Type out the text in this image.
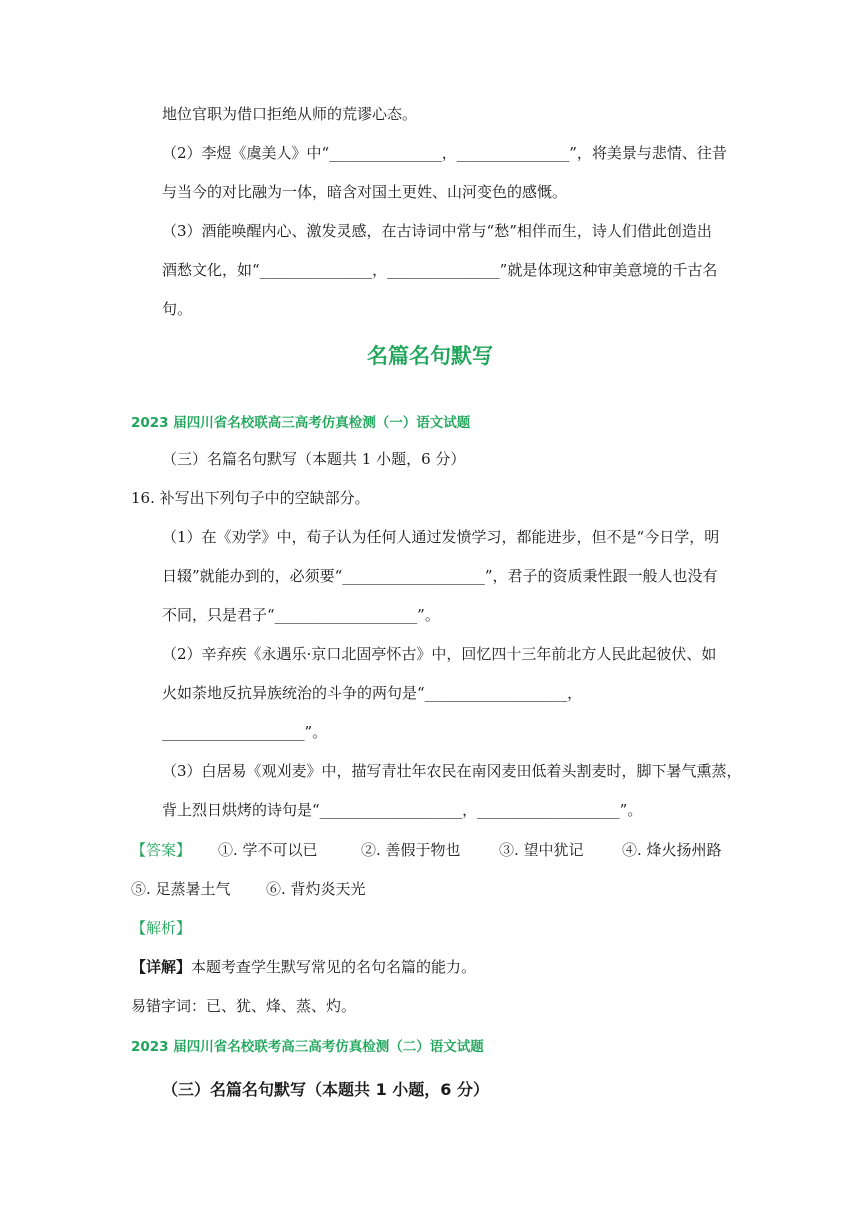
地位官职为借口拒绝从师的荒谬心态。
（2）李煜《虞美人》中“_______________，_______________”，将美景与悲情、往昔
与当今的对比融为一体，暗含对国土更姓、山河变色的感慨。
（3）酒能唤醒内心、激发灵感，在古诗词中常与“愁”相伴而生，诗人们借此创造出
酒愁文化，如“_______________，_______________”就是体现这种审美意境的千古名
句。
名篇名句默写
2023 届四川省名校联高三高考仿真检测（一）语文试题
（三）名篇名句默写（本题共 1 小题，6 分）
16. 补写出下列句子中的空缺部分。
（1）在《劝学》中，荀子认为任何人通过发愤学习，都能进步，但不是“今日学，明
日辍”就能办到的，必须要“___________________”，君子的资质秉性跟一般人也没有
不同，只是君子“___________________”。
（2）辛弃疾《永遇乐·京口北固亭怀古》中，回忆四十三年前北方人民此起彼伏、如
火如荼地反抗异族统治的斗争的两句是“___________________，
___________________”。
（3）白居易《观刈麦》中，描写青壮年农民在南冈麦田低着头割麦时，脚下暑气熏蒸，
背上烈日烘烤的诗句是“___________________，___________________”。
【答案】 ①. 学不可以已	②. 善假于物也	③. 望中犹记	④. 烽火扬州路
⑤. 足蒸暑土气 ⑥. 背灼炎天光
【解析】
【详解】本题考查学生默写常见的名句名篇的能力。
易错字词：已、犹、烽、蒸、灼。
2023 届四川省名校联考高三高考仿真检测（二）语文试题
（三）名篇名句默写（本题共 1 小题，6 分）
